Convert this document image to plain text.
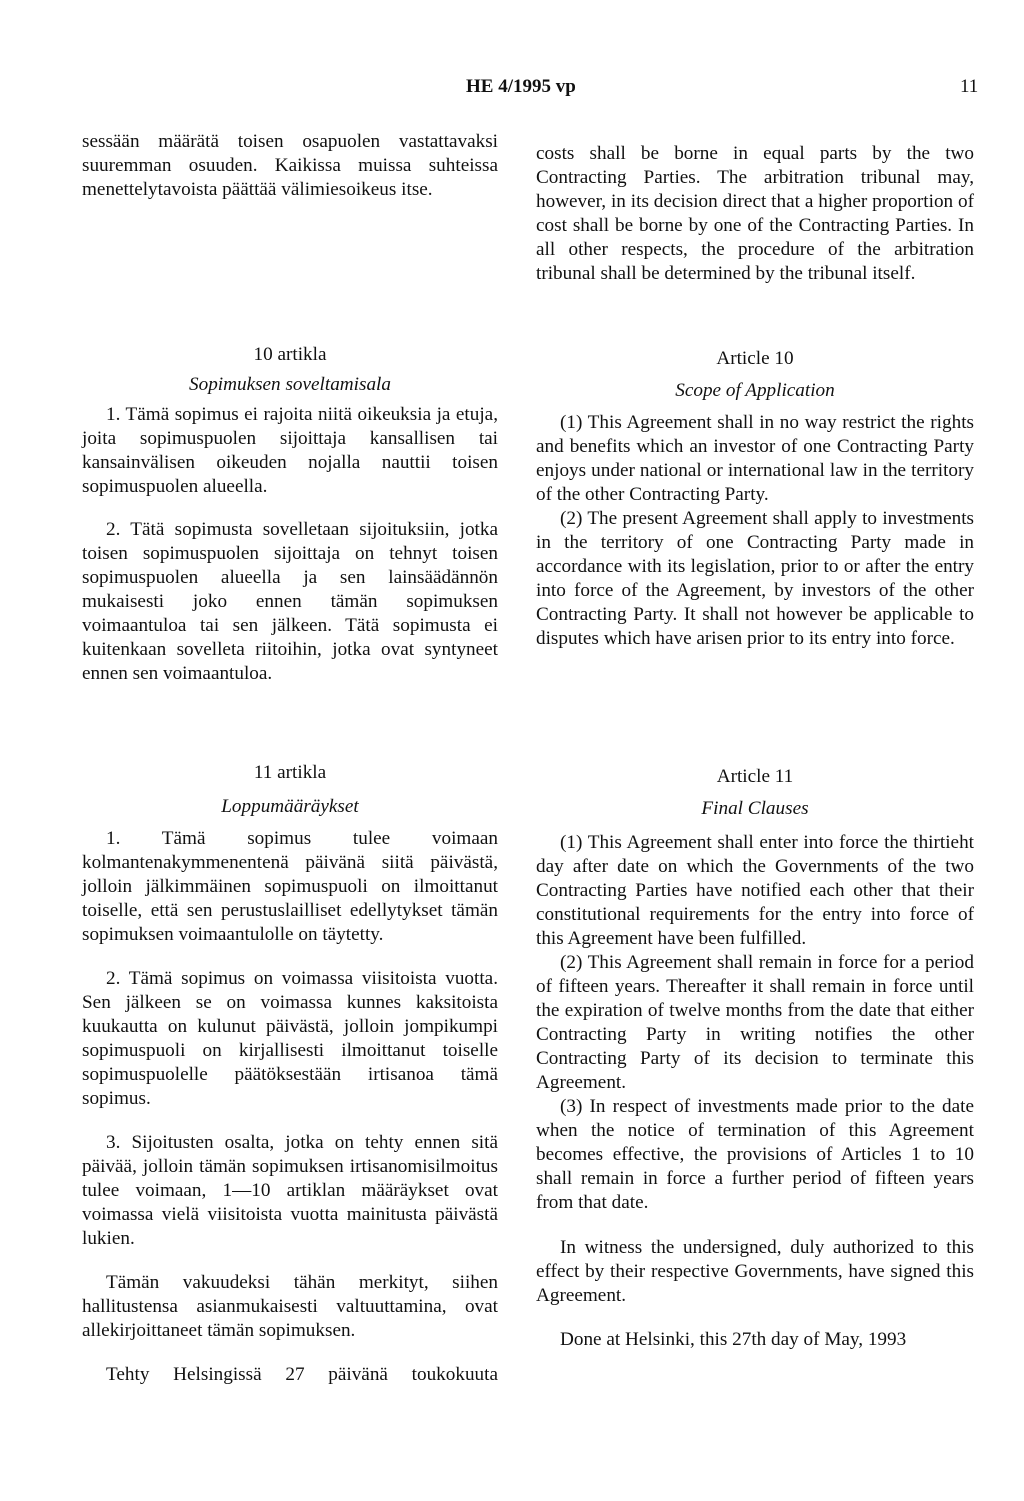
HE 4/1995 vp	11

sessään määrätä toisen osapuolen vastattavaksi suuremman osuuden. Kaikissa muissa suhteissa menettelytavoista päättää välimiesoikeus itse.

10 artikla

Sopimuksen soveltamisala

1. Tämä sopimus ei rajoita niitä oikeuksia ja etuja, joita sopimuspuolen sijoittaja kansallisen tai kansainvälisen oikeuden nojalla nauttii toisen sopimuspuolen alueella.

2. Tätä sopimusta sovelletaan sijoituksiin, jotka toisen sopimuspuolen sijoittaja on tehnyt toisen sopimuspuolen alueella ja sen lainsäädännön mukaisesti joko ennen tämän sopimuksen voimaantuloa tai sen jälkeen. Tätä sopimusta ei kuitenkaan sovelleta riitoihin, jotka ovat syntyneet ennen sen voimaantuloa.

11 artikla

Loppumääräykset

1. Tämä sopimus tulee voimaan kolmantenakymmenentenä päivänä siitä päivästä, jolloin jälkimmäinen sopimuspuoli on ilmoittanut toiselle, että sen perustuslailliset edellytykset tämän sopimuksen voimaantulolle on täytetty.

2. Tämä sopimus on voimassa viisitoista vuotta. Sen jälkeen se on voimassa kunnes kaksitoista kuukautta on kulunut päivästä, jolloin jompikumpi sopimuspuoli on kirjallisesti ilmoittanut toiselle sopimuspuolelle päätöksestään irtisanoa tämä sopimus.

3. Sijoitusten osalta, jotka on tehty ennen sitä päivää, jolloin tämän sopimuksen irtisanomisilmoitus tulee voimaan, 1—10 artiklan määräykset ovat voimassa vielä viisitoista vuotta mainitusta päivästä lukien.

Tämän vakuudeksi tähän merkityt, siihen hallitustensa asianmukaisesti valtuuttamina, ovat allekirjoittaneet tämän sopimuksen.

Tehty Helsingissä 27 päivänä toukokuuta

costs shall be borne in equal parts by the two Contracting Parties. The arbitration tribunal may, however, in its decision direct that a higher proportion of cost shall be borne by one of the Contracting Parties. In all other respects, the procedure of the arbitration tribunal shall be determined by the tribunal itself.

Article 10

Scope of Application

(1) This Agreement shall in no way restrict the rights and benefits which an investor of one Contracting Party enjoys under national or international law in the territory of the other Contracting Party.

(2) The present Agreement shall apply to investments in the territory of one Contracting Party made in accordance with its legislation, prior to or after the entry into force of the Agreement, by investors of the other Contracting Party. It shall not however be applicable to disputes which have arisen prior to its entry into force.

Article 11

Final Clauses

(1) This Agreement shall enter into force the thirtieht day after date on which the Governments of the two Contracting Parties have notified each other that their constitutional requirements for the entry into force of this Agreement have been fulfilled.

(2) This Agreement shall remain in force for a period of fifteen years. Thereafter it shall remain in force until the expiration of twelve months from the date that either Contracting Party in writing notifies the other Contracting Party of its decision to terminate this Agreement.

(3) In respect of investments made prior to the date when the notice of termination of this Agreement becomes effective, the provisions of Articles 1 to 10 shall remain in force a further period of fifteen years from that date.

In witness the undersigned, duly authorized to this effect by their respective Governments, have signed this Agreement.

Done at Helsinki, this 27th day of May, 1993
